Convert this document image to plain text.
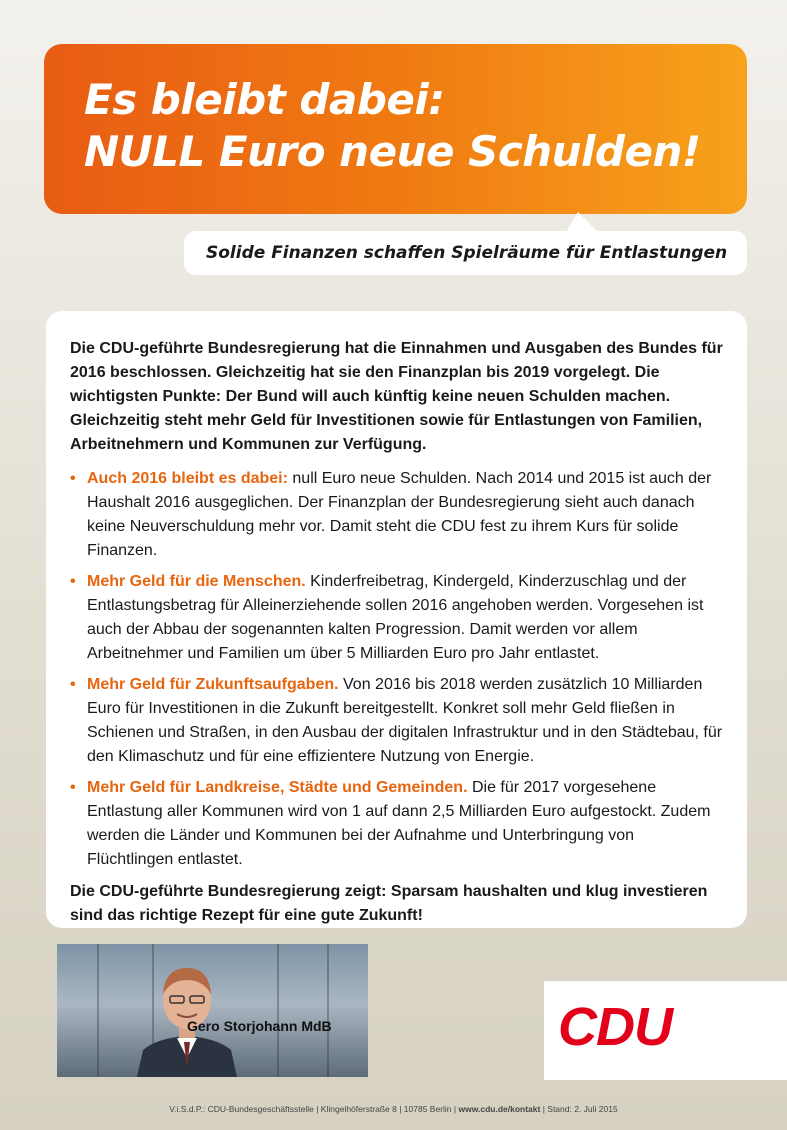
Es bleibt dabei:
NULL Euro neue Schulden!
Solide Finanzen schaffen Spielräume für Entlastungen

Die CDU-geführte Bundesregierung hat die Einnahmen und Ausgaben des Bundes für 2016 beschlossen. Gleichzeitig hat sie den Finanzplan bis 2019 vorgelegt. Die wichtigsten Punkte: Der Bund will auch künftig keine neuen Schulden machen. Gleichzeitig steht mehr Geld für Investitionen sowie für Entlastungen von Familien, Arbeitnehmern und Kommunen zur Verfügung.

• Auch 2016 bleibt es dabei: null Euro neue Schulden. Nach 2014 und 2015 ist auch der Haushalt 2016 ausgeglichen. Der Finanzplan der Bundesregierung sieht auch danach keine Neuverschuldung mehr vor. Damit steht die CDU fest zu ihrem Kurs für solide Finanzen.
• Mehr Geld für die Menschen. Kinderfreibetrag, Kindergeld, Kinderzuschlag und der Entlastungsbetrag für Alleinerziehende sollen 2016 angehoben werden. Vorgesehen ist auch der Abbau der sogenannten kalten Progression. Damit werden vor allem Arbeitnehmer und Familien um über 5 Milliarden Euro pro Jahr entlastet.
• Mehr Geld für Zukunftsaufgaben. Von 2016 bis 2018 werden zusätzlich 10 Milliarden Euro für Investitionen in die Zukunft bereitgestellt. Konkret soll mehr Geld fließen in Schienen und Straßen, in den Ausbau der digitalen Infrastruktur und in den Städtebau, für den Klimaschutz und für eine effizientere Nutzung von Energie.
• Mehr Geld für Landkreise, Städte und Gemeinden. Die für 2017 vorgesehene Entlastung aller Kommunen wird von 1 auf dann 2,5 Milliarden Euro aufgestockt. Zudem werden die Länder und Kommunen bei der Aufnahme und Unterbringung von Flüchtlingen entlastet.

Die CDU-geführte Bundesregierung zeigt: Sparsam haushalten und klug investieren sind das richtige Rezept für eine gute Zukunft!

Gero Storjohann MdB	CDU
V.i.S.d.P.: CDU-Bundesgeschäftsstelle | Klingelhöferstraße 8 | 10785 Berlin | www.cdu.de/kontakt | Stand: 2. Juli 2015
